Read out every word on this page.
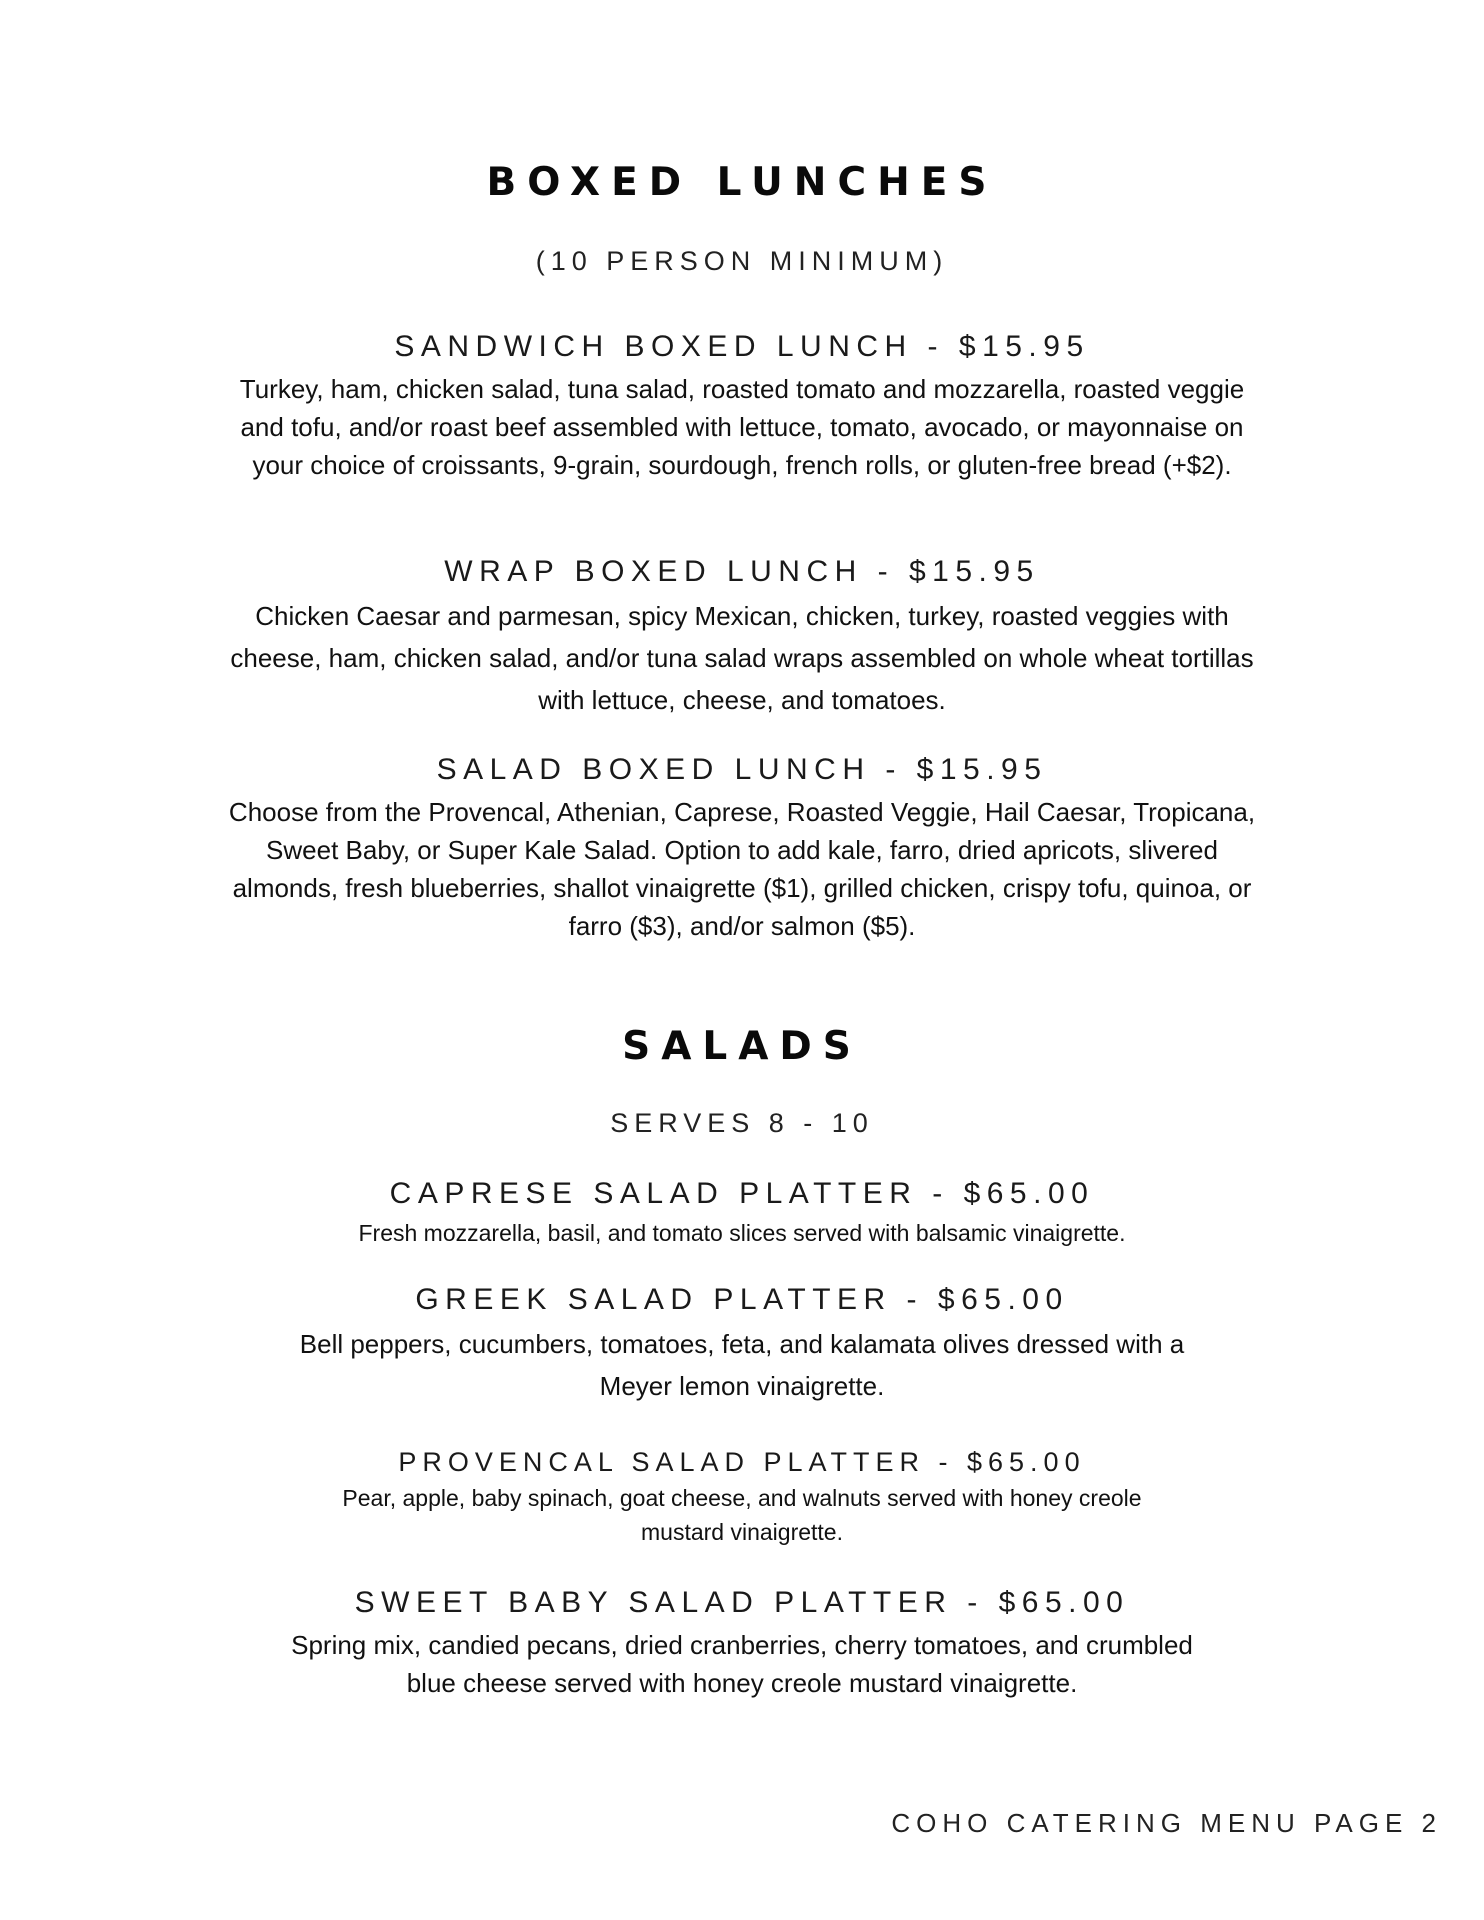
BOXED LUNCHES
(10 PERSON MINIMUM)
SANDWICH BOXED LUNCH - $15.95
Turkey, ham, chicken salad, tuna salad, roasted tomato and mozzarella, roasted veggie and tofu, and/or roast beef assembled with lettuce, tomato, avocado, or mayonnaise on your choice of croissants, 9-grain, sourdough, french rolls, or gluten-free bread (+$2).
WRAP BOXED LUNCH - $15.95
Chicken Caesar and parmesan, spicy Mexican, chicken, turkey, roasted veggies with cheese, ham, chicken salad, and/or tuna salad wraps assembled on whole wheat tortillas with lettuce, cheese, and tomatoes.
SALAD BOXED LUNCH - $15.95
Choose from the Provencal, Athenian, Caprese, Roasted Veggie, Hail Caesar, Tropicana, Sweet Baby, or Super Kale Salad. Option to add kale, farro, dried apricots, slivered almonds, fresh blueberries, shallot vinaigrette ($1), grilled chicken, crispy tofu, quinoa, or farro ($3), and/or salmon ($5).
SALADS
SERVES 8 - 10
CAPRESE SALAD PLATTER - $65.00
Fresh mozzarella, basil, and tomato slices served with balsamic vinaigrette.
GREEK SALAD PLATTER - $65.00
Bell peppers, cucumbers, tomatoes, feta, and kalamata olives dressed with a Meyer lemon vinaigrette.
PROVENCAL SALAD PLATTER - $65.00
Pear, apple, baby spinach, goat cheese, and walnuts served with honey creole mustard vinaigrette.
SWEET BABY SALAD PLATTER - $65.00
Spring mix, candied pecans, dried cranberries, cherry tomatoes, and crumbled blue cheese served with honey creole mustard vinaigrette.
COHO CATERING MENU PAGE 2
